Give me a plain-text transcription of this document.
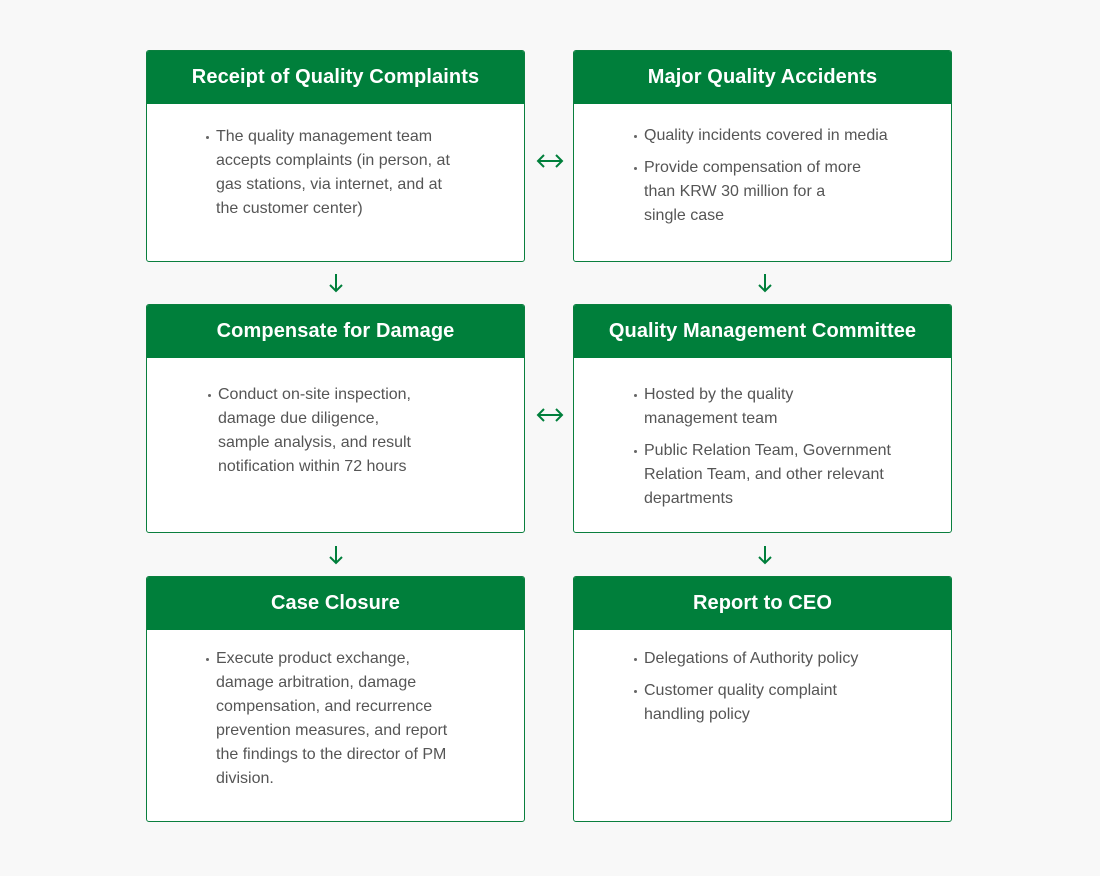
Receipt of Quality Complaints
The quality management team accepts complaints (in person, at gas stations, via internet, and at the customer center)
Major Quality Accidents
Quality incidents covered in media
Provide compensation of more than KRW 30 million for a single case
Compensate for Damage
Conduct on-site inspection, damage due diligence, sample analysis, and result notification within 72 hours
Quality Management Committee
Hosted by the quality management team
Public Relation Team, Government Relation Team, and other relevant departments
Case Closure
Execute product exchange, damage arbitration, damage compensation, and recurrence prevention measures, and report the findings to the director of PM division.
Report to CEO
Delegations of Authority policy
Customer quality complaint handling policy
